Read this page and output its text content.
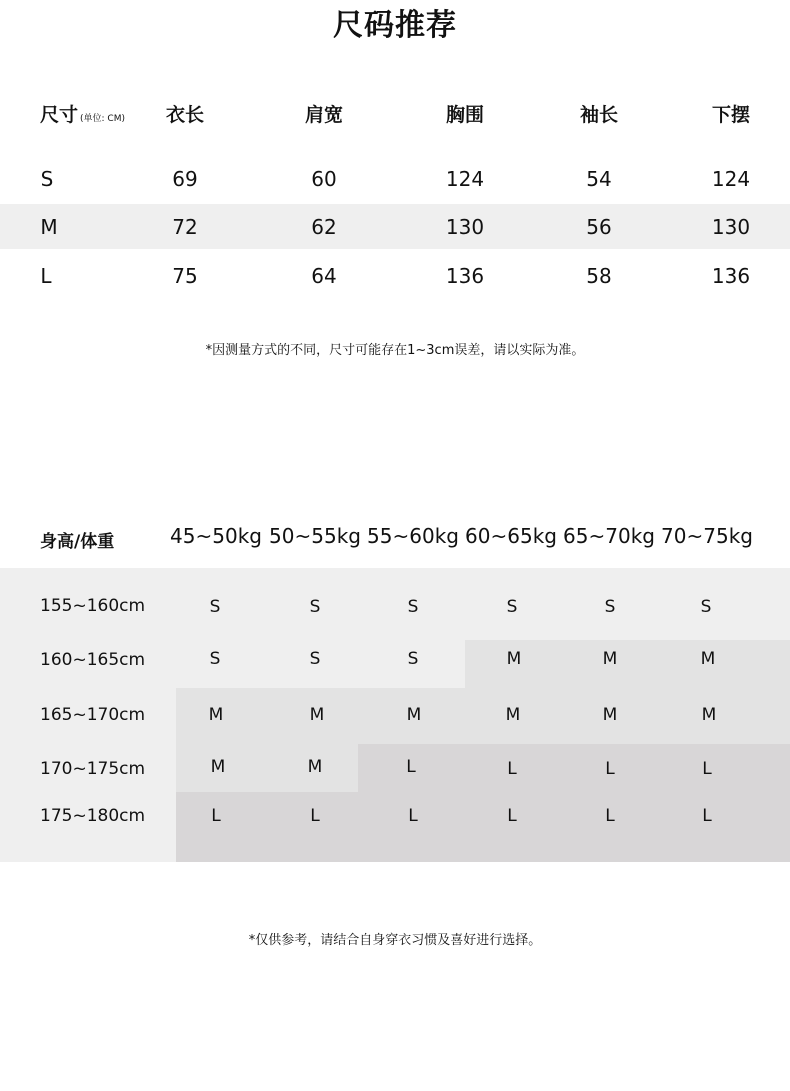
尺码推荐
尺寸 (单位: CM) 衣长	肩宽	胸围	袖长	下摆
S	69	60	124	54	124
M	72	62	130	56	130
L	75	64	136	58	136
*因测量方式的不同，尺寸可能存在1~3cm误差，请以实际为准。
身高/体重	45~50kg 50~55kg 55~60kg 60~65kg 65~70kg 70~75kg
155~160cm	S	S	S	S	S	S
160~165cm	S	S	S	M	M	M
165~170cm	M	M	M	M	M	M
170~175cm	M	M	L	L	L	L
175~180cm	L	L	L	L	L	L
*仅供参考，请结合自身穿衣习惯及喜好进行选择。
